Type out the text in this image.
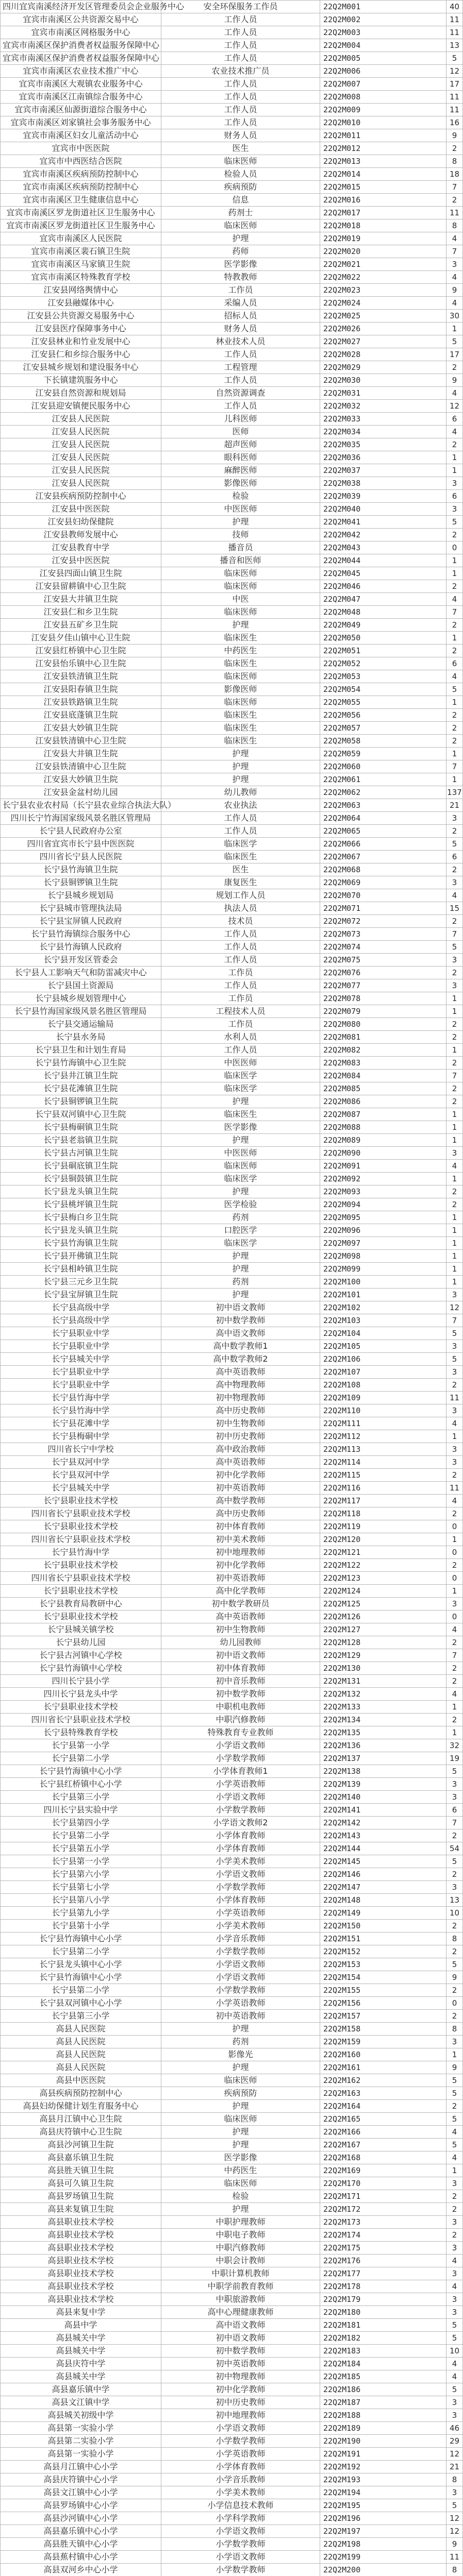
四川宜宾南溪经济开发区管理委员会企业服务中心	安全环保服务工作员	22Q2M001	40
宜宾市南溪区公共资源交易中心	工作人员	22Q2M002	11
宜宾市南溪区网格服务中心	工作人员	22Q2M003	11
宜宾市南溪区保护消费者权益服务保障中心	工作人员	22Q2M004	13
宜宾市南溪区保护消费者权益服务保障中心	工作人员	22Q2M005	5
宜宾市南溪区农业技术推广中心	农业技术推广员	22Q2M006	12
宜宾市南溪区大观镇农业服务中心	工作人员	22Q2M007	17
宜宾市南溪区江南镇综合服务中心	工作人员	22Q2M008	11
宜宾市南溪区仙源街道综合服务中心	工作人员	22Q2M009	11
宜宾市南溪区刘家镇社会事务服务中心	工作人员	22Q2M010	16
宜宾市南溪区妇女儿童活动中心	财务人员	22Q2M011	9
宜宾市中医医院	医生	22Q2M012	2
宜宾市中西医结合医院	临床医师	22Q2M013	8
宜宾市南溪区疾病预防控制中心	检验人员	22Q2M014	18
宜宾市南溪区疾病预防控制中心	疾病预防	22Q2M015	7
宜宾市南溪区卫生健康信息中心	信息	22Q2M016	2
宜宾市南溪区罗龙街道社区卫生服务中心	药剂士	22Q2M017	11
宜宾市南溪区罗龙街道社区卫生服务中心	临床医师	22Q2M018	8
宜宾市南溪区人民医院	护理	22Q2M019	4
宜宾市南溪区裴石镇卫生院	药师	22Q2M020	7
宜宾市南溪区马家镇卫生院	医学影像	22Q2M021	3
宜宾市南溪区特殊教育学校	特教教师	22Q2M022	4
江安县网络舆情中心	工作员	22Q2M023	9
江安县融媒体中心	采编人员	22Q2M024	4
江安县公共资源交易服务中心	招标人员	22Q2M025	30
江安县医疗保障事务中心	财务人员	22Q2M026	1
江安县林业和竹业发展中心	林业技术人员	22Q2M027	5
江安县仁和乡综合服务中心	工作人员	22Q2M028	17
江安县城乡规划和建设服务中心	工程管理	22Q2M029	2
下长镇建筑服务中心	工作人员	22Q2M030	9
江安县自然资源和规划局	自然资源调查	22Q2M031	4
江安县迎安镇便民服务中心	工作人员	22Q2M032	12
江安县人民医院	儿科医师	22Q2M033	6
江安县人民医院	医师	22Q2M034	4
江安县人民医院	超声医师	22Q2M035	2
江安县人民医院	眼科医师	22Q2M036	1
江安县人民医院	麻醉医师	22Q2M037	1
江安县人民医院	影像医师	22Q2M038	3
江安县疾病预防控制中心	检验	22Q2M039	6
江安县中医医院	中医医师	22Q2M040	3
江安县妇幼保健院	护理	22Q2M041	5
江安县教师发展中心	技师	22Q2M042	2
江安县教育中学	播音员	22Q2M043	0
江安县中医医院	播音和医师	22Q2M044	1
江安县四面山镇卫生院	临床医师	22Q2M045	1
江安县留耕镇中心卫生院	临床医师	22Q2M046	2
江安县大井镇卫生院	中医	22Q2M047	4
江安县仁和乡卫生院	临床医师	22Q2M048	7
江安县五矿乡卫生院	护理	22Q2M049	2
江安县夕佳山镇中心卫生院	临床医生	22Q2M050	1
江安县红桥镇中心卫生院	中药医生	22Q2M051	2
江安县怡乐镇中心卫生院	临床医生	22Q2M052	6
江安县铁清镇卫生院	临床医师	22Q2M053	4
江安县阳春镇卫生院	影像医师	22Q2M054	5
江安县铁路镇卫生院	临床医师	22Q2M055	1
江安县底蓬镇卫生院	临床医生	22Q2M056	2
江安县大妙镇卫生院	临床医生	22Q2M057	2
江安县铁清镇中心卫生院	临床医生	22Q2M058	2
江安县大井镇卫生院	护理	22Q2M059	1
江安县铁清镇中心卫生院	护理	22Q2M060	7
江安县大妙镇卫生院	护理	22Q2M061	1
江安县金盆村幼儿园	幼儿教师	22Q2M062	137
长宁县农业农村局（长宁县农业综合执法大队）	农业执法	22Q2M063	21
四川长宁竹海国家级风景名胜区管理局	工作人员	22Q2M064	3
长宁县人民政府办公室	工作人员	22Q2M065	2
四川省宜宾市长宁县中医医院	临床医学	22Q2M066	5
四川省长宁县人民医院	临床医生	22Q2M067	6
长宁县竹海镇卫生院	医生	22Q2M068	2
长宁县铜锣镇卫生院	康复医生	22Q2M069	3
长宁县城乡规划局	规划工作人员	22Q2M070	4
长宁县城市管理执法局	执法人员	22Q2M071	15
长宁县宝屏镇人民政府	技术员	22Q2M072	2
长宁县竹海镇综合服务中心	工作人员	22Q2M073	7
长宁县竹海镇人民政府	工作人员	22Q2M074	5
长宁县开发区管委会	工作人员	22Q2M075	3
长宁县人工影响天气和防雷减灾中心	工作员	22Q2M076	2
长宁县国土资源局	工作人员	22Q2M077	3
长宁县城乡规划管理中心	工作员	22Q2M078	1
长宁县竹海国家级风景名胜区管理局	工程技术人员	22Q2M079	1
长宁县交通运输局	工作员	22Q2M080	2
长宁县水务局	水利人员	22Q2M081	2
长宁县卫生和计划生育局	工作人员	22Q2M082	1
长宁县竹海镇中心卫生院	中医医师	22Q2M083	2
长宁县井江镇卫生院	临床医学	22Q2M084	7
长宁县花滩镇卫生院	临床医学	22Q2M085	2
长宁县铜锣镇卫生院	护理	22Q2M086	2
长宁县双河镇中心卫生院	临床医生	22Q2M087	1
长宁县梅硐镇卫生院	医学影像	22Q2M088	1
长宁县老翁镇卫生院	护理	22Q2M089	1
长宁县古河镇卫生院	中医医师	22Q2M090	3
长宁县硐底镇卫生院	临床医师	22Q2M091	4
长宁县铜鼓镇卫生院	临床医学	22Q2M092	1
长宁县龙头镇卫生院	护理	22Q2M093	2
长宁县桃坪镇卫生院	医学检验	22Q2M094	2
长宁县梅白乡卫生院	药剂	22Q2M095	1
长宁县龙头镇卫生院	口腔医学	22Q2M096	1
长宁县竹海镇卫生院	临床医学	22Q2M097	1
长宁县开佛镇卫生院	护理	22Q2M098	1
长宁县相岭镇卫生院	护理	22Q2M099	1
长宁县三元乡卫生院	药剂	22Q2M100	1
长宁县宝屏镇卫生院	护理	22Q2M101	3
长宁县高级中学	初中语文教师	22Q2M102	12
长宁县高级中学	初中数学教师	22Q2M103	7
长宁县职业中学	高中语文教师	22Q2M104	5
长宁县职业中学	高中数学教师1	22Q2M105	3
长宁县城关中学	高中数学教师2	22Q2M106	5
长宁县职业中学	高中英语教师	22Q2M107	3
长宁县职业中学	高中物理教师	22Q2M108	2
长宁县竹海中学	初中物理教师	22Q2M109	11
长宁县竹海中学	高中历史教师	22Q2M110	3
长宁县花滩中学	初中生物教师	22Q2M111	4
长宁县梅硐中学	初中历史教师	22Q2M112	1
四川省长宁中学校	高中政治教师	22Q2M113	3
长宁县双河中学	高中英语教师	22Q2M114	3
长宁县双河中学	初中化学教师	22Q2M115	2
长宁县城关中学	初中英语教师	22Q2M116	11
长宁县职业技术学校	高中数学教师	22Q2M117	4
四川省长宁县职业技术学校	高中历史教师	22Q2M118	2
长宁县职业技术学校	初中体育教师	22Q2M119	0
四川省长宁县职业技术学校	初中美术教师	22Q2M120	1
长宁县竹海中学	初中地理教师	22Q2M121	0
长宁县职业技术学校	初中化学教师	22Q2M122	2
四川省长宁县职业技术学校	初中英语教师	22Q2M123	0
长宁县职业技术学校	高中化学教师	22Q2M124	1
长宁县教育局教研中心	初中数学教研员	22Q2M125	3
长宁县职业技术学校	高中英语教师	22Q2M126	0
长宁县城关镇学校	初中生物教师	22Q2M127	4
长宁县幼儿园	幼儿园教师	22Q2M128	2
长宁县古河镇中心学校	初中语文教师	22Q2M129	7
长宁县竹海镇中心学校	初中体育教师	22Q2M130	2
四川长宁县小学	初中音乐教师	22Q2M131	2
四川长宁县龙头中学	初中数学教师	22Q2M132	4
长宁县职业技术学校	中职机电教师	22Q2M133	1
四川省长宁县职业技术学校	中职汽修教师	22Q2M134	2
长宁县特殊教育学校	特殊教育专业教师	22Q2M135	1
长宁县第一小学	小学语文教师	22Q2M136	32
长宁县第二小学	小学数学教师	22Q2M137	19
长宁县竹海镇中心小学	小学体育教师1	22Q2M138	5
长宁县红桥镇中心小学	小学英语教师	22Q2M139	3
长宁县第三小学	小学语文教师	22Q2M140	3
四川长宁县实验中学	小学数学教师	22Q2M141	6
长宁县第四小学	小学语文教师2	22Q2M142	7
长宁县第二小学	小学体育教师	22Q2M143	2
长宁县第五小学	小学体育教师	22Q2M144	54
长宁县第一小学	小学美术教师	22Q2M145	5
长宁县第六小学	小学语文教师	22Q2M146	2
长宁县第七小学	小学数学教师	22Q2M147	3
长宁县第八小学	小学体育教师	22Q2M148	13
长宁县第九小学	小学英语教师	22Q2M149	10
长宁县第十小学	小学美术教师	22Q2M150	2
长宁县竹海镇中心小学	小学音乐教师	22Q2M151	8
长宁县第二小学	小学数学教师	22Q2M152	2
长宁县龙头镇中心小学	小学语文教师	22Q2M153	5
长宁县竹海镇中心小学	小学语文教师	22Q2M154	9
长宁县第二小学	小学数学教师	22Q2M155	2
长宁县双河镇中心小学	小学英语教师	22Q2M156	0
长宁县第三小学	初中英语教师	22Q2M157	2
高县人民医院	护理	22Q2M158	8
高县人民医院	药剂	22Q2M159	3
高县人民医院	影像光	22Q2M160	1
高县人民医院	护理	22Q2M161	9
高县中医医院	临床医师	22Q2M162	5
高县疾病预防控制中心	疾病预防	22Q2M163	5
高县妇幼保健计划生育服务中心	护理	22Q2M164	2
高县月江镇中心卫生院	临床医师	22Q2M165	5
高县庆符镇中心卫生院	护理	22Q2M166	4
高县沙河镇卫生院	护理	22Q2M167	5
高县嘉乐镇卫生院	医学影像	22Q2M168	4
高县胜天镇卫生院	中药医生	22Q2M169	1
高县可久镇卫生院	临床医师	22Q2M170	3
高县罗场镇卫生院	检验	22Q2M171	2
高县来复镇卫生院	护理	22Q2M172	2
高县职业技术学校	中职护理教师	22Q2M173	3
高县职业技术学校	中职电子教师	22Q2M174	2
高县职业技术学校	中职汽修教师	22Q2M175	3
高县职业技术学校	中职会计教师	22Q2M176	4
高县职业技术学校	中职计算机教师	22Q2M177	3
高县职业技术学校	中职学前教育教师	22Q2M178	4
高县职业技术学校	中职旅游教师	22Q2M179	3
高县来复中学	高中心理健康教师	22Q2M180	3
高县中学	高中语文教师	22Q2M181	5
高县城关中学	初中语文教师	22Q2M182	5
高县城关中学	初中数学教师	22Q2M183	10
高县庆符中学	初中英语教师	22Q2M184	4
高县城关中学	初中物理教师	22Q2M185	4
高县嘉乐镇中学	初中化学教师	22Q2M186	5
高县文江镇中学	初中历史教师	22Q2M187	3
高县城关初级中学	初中地理教师	22Q2M188	3
高县第一实验小学	小学语文教师	22Q2M189	46
高县第二实验小学	小学数学教师	22Q2M190	29
高县第一实验小学	小学英语教师	22Q2M191	12
高县月江镇中心小学	小学体育教师	22Q2M192	21
高县庆符镇中心小学	小学音乐教师	22Q2M193	8
高县文江镇中心小学	小学美术教师	22Q2M194	3
高县罗场镇中心小学	小学信息技术教师	22Q2M195	5
高县沙河镇中心小学	小学科学教师	22Q2M196	12
高县嘉乐镇中心小学	小学语文教师	22Q2M197	12
高县胜天镇中心小学	小学数学教师	22Q2M198	9
高县蕉村镇中心小学	小学语文教师	22Q2M199	11
高县双河乡中心小学	小学数学教师	22Q2M200	8
